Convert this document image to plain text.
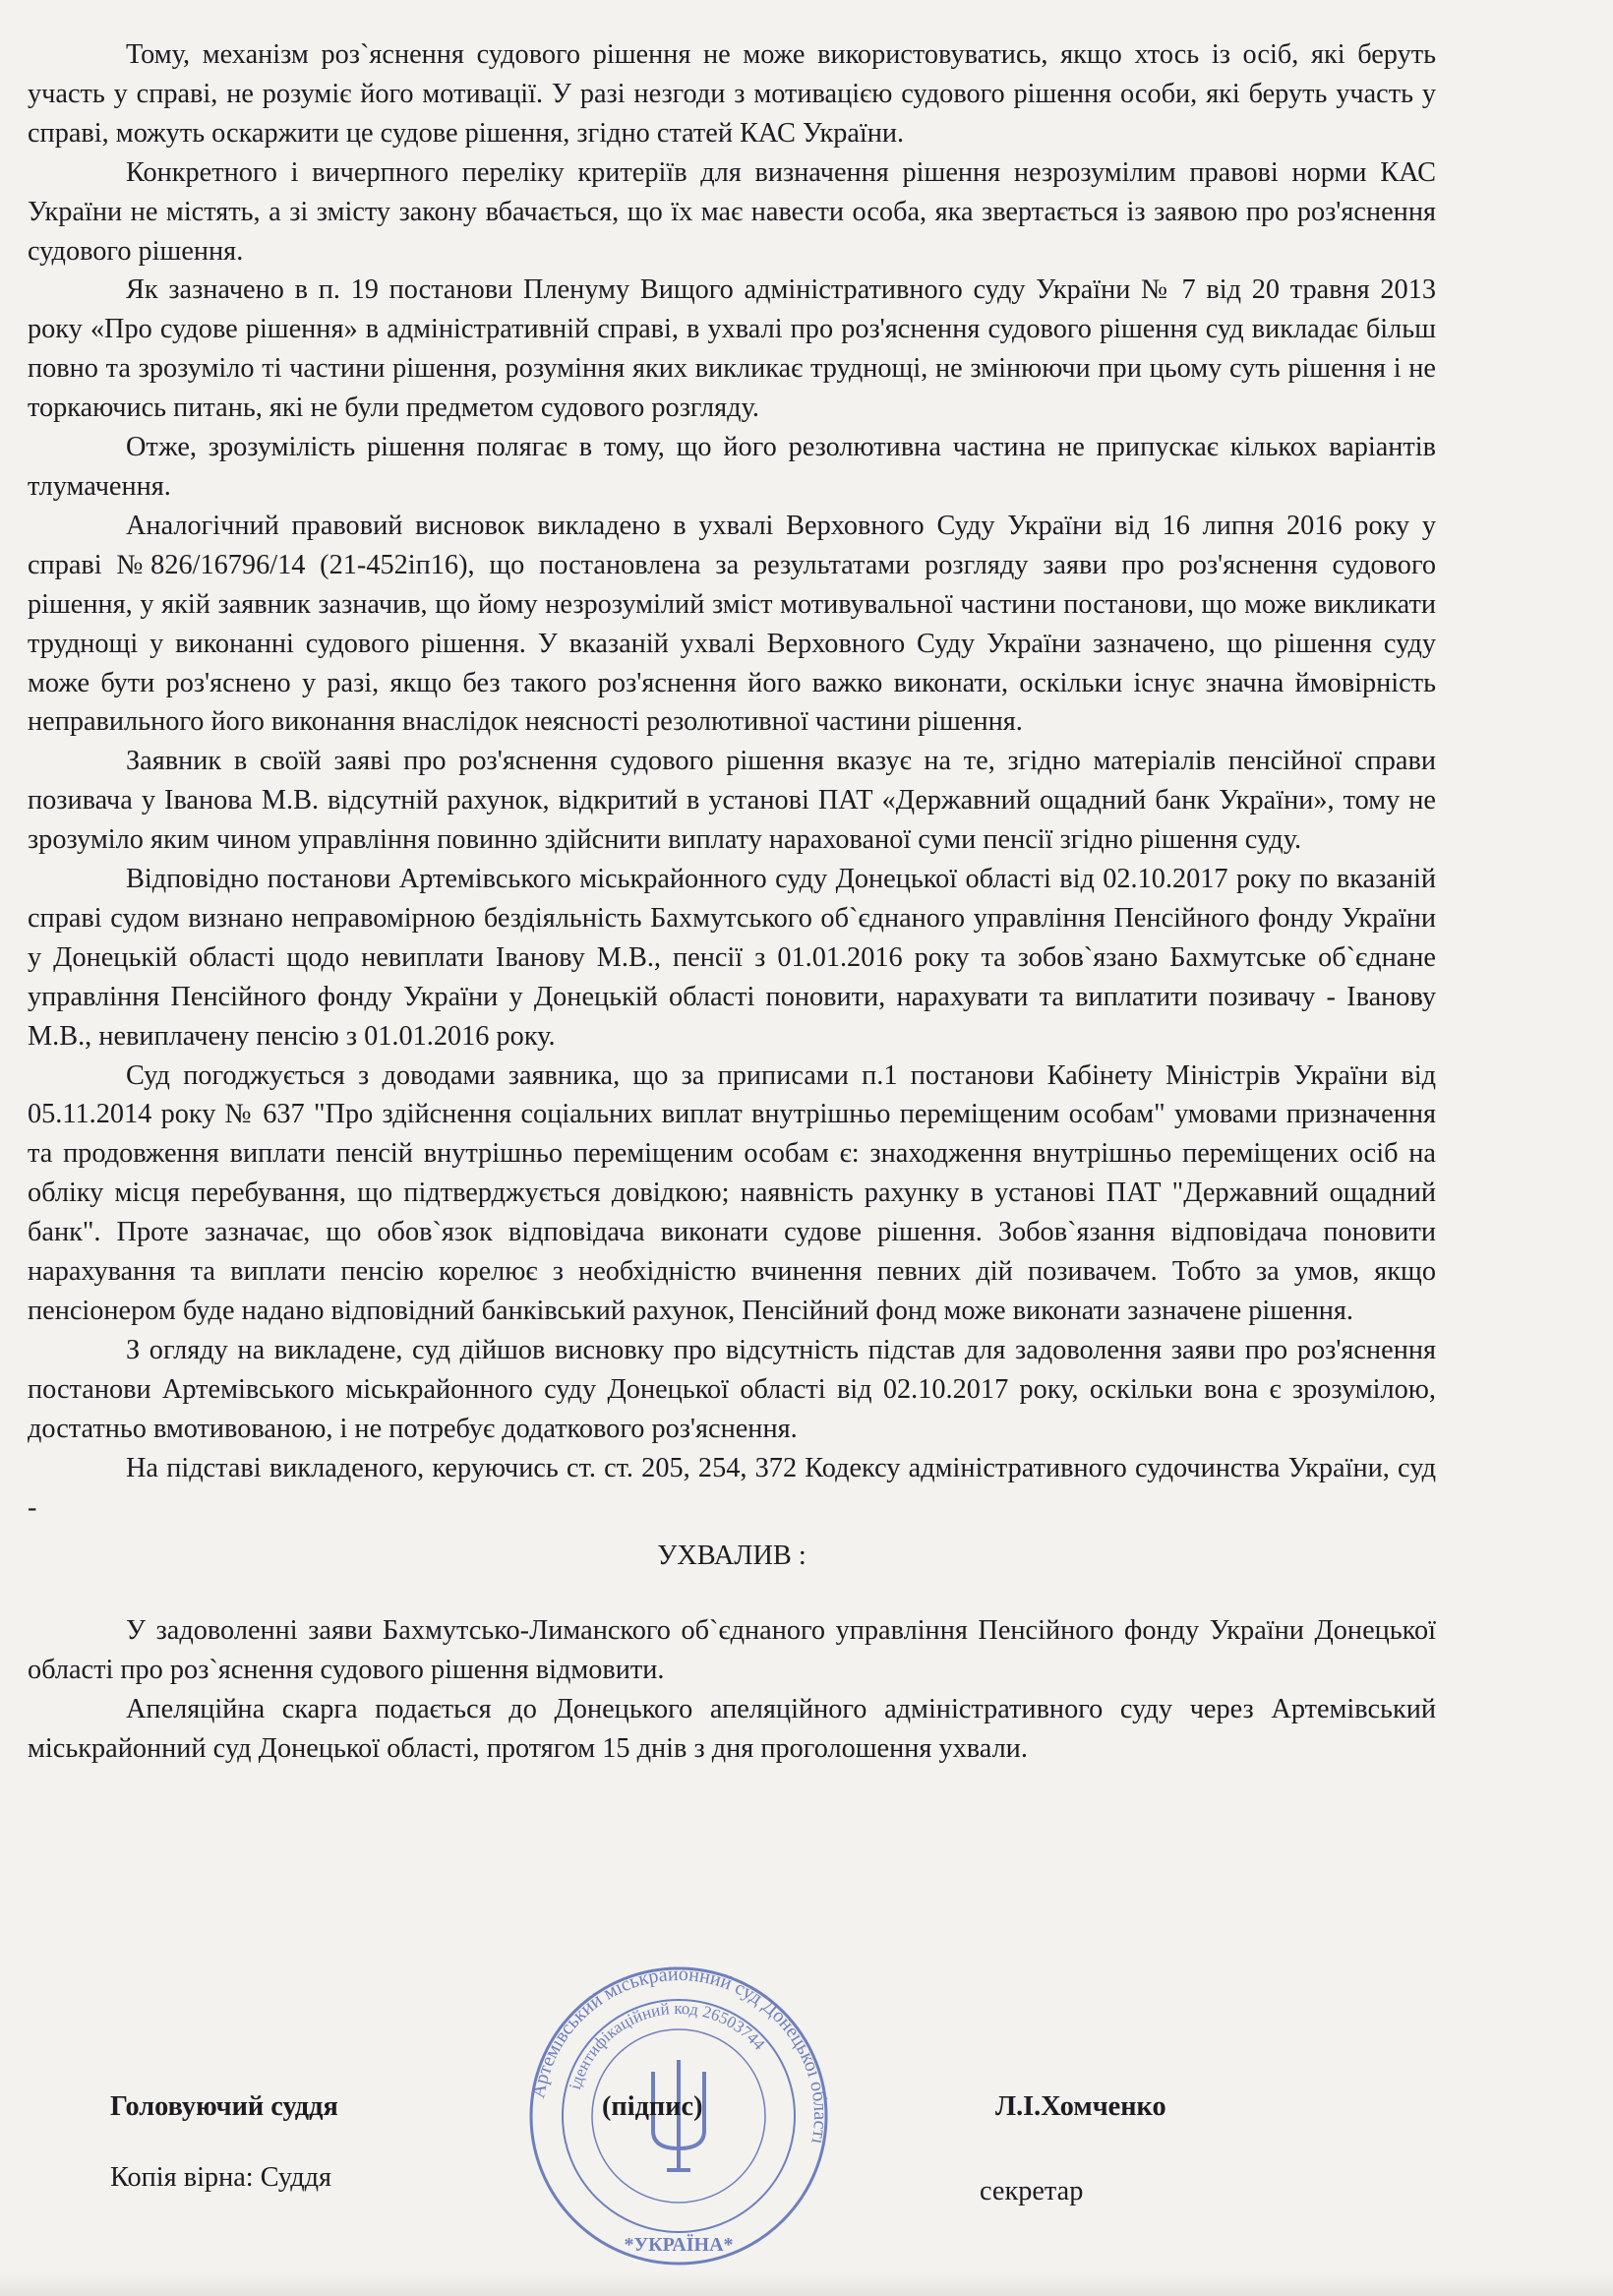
Тому, механізм роз`яснення судового рішення не може використовуватись, якщо хтось із осіб, які беруть участь у справі, не розуміє його мотивації. У разі незгоди з мотивацією судового рішення особи, які беруть участь у справі, можуть оскаржити це судове рішення, згідно статей КАС України.

Конкретного і вичерпного переліку критеріїв для визначення рішення незрозумілим правові норми КАС України не містять, а зі змісту закону вбачається, що їх має навести особа, яка звертається із заявою про роз'яснення судового рішення.

Як зазначено в п. 19 постанови Пленуму Вищого адміністративного суду України № 7 від 20 травня 2013 року «Про судове рішення» в адміністративній справі, в ухвалі про роз'яснення судового рішення суд викладає більш повно та зрозуміло ті частини рішення, розуміння яких викликає труднощі, не змінюючи при цьому суть рішення і не торкаючись питань, які не були предметом судового розгляду.

Отже, зрозумілість рішення полягає в тому, що його резолютивна частина не припускає кількох варіантів тлумачення.

Аналогічний правовий висновок викладено в ухвалі Верховного Суду України від 16 липня 2016 року у справі №826/16796/14 (21-452іп16), що постановлена за результатами розгляду заяви про роз'яснення судового рішення, у якій заявник зазначив, що йому незрозумілий зміст мотивувальної частини постанови, що може викликати труднощі у виконанні судового рішення. У вказаній ухвалі Верховного Суду України зазначено, що рішення суду може бути роз'яснено у разі, якщо без такого роз'яснення його важко виконати, оскільки існує значна ймовірність неправильного його виконання внаслідок неясності резолютивної частини рішення.

Заявник в своїй заяві про роз'яснення судового рішення вказує на те, згідно матеріалів пенсійної справи позивача у Іванова М.В. відсутній рахунок, відкритий в установі ПАТ «Державний ощадний банк України», тому не зрозуміло яким чином управління повинно здійснити виплату нарахованої суми пенсії згідно рішення суду.

Відповідно постанови Артемівського міськрайонного суду Донецької області від 02.10.2017 року по вказаній справі судом визнано неправомірною бездіяльність Бахмутського об`єднаного управління Пенсійного фонду України у Донецькій області щодо невиплати Іванову М.В., пенсії з 01.01.2016 року та зобов`язано Бахмутське об`єднане управління Пенсійного фонду України у Донецькій області поновити, нарахувати та виплатити позивачу - Іванову М.В., невиплачену пенсію з 01.01.2016 року.

Суд погоджується з доводами заявника, що за приписами п.1 постанови Кабінету Міністрів України від 05.11.2014 року № 637 "Про здійснення соціальних виплат внутрішньо переміщеним особам" умовами призначення та продовження виплати пенсій внутрішньо переміщеним особам є: знаходження внутрішньо переміщених осіб на обліку місця перебування, що підтверджується довідкою; наявність рахунку в установі ПАТ "Державний ощадний банк". Проте зазначає, що обов`язок відповідача виконати судове рішення. Зобов`язання відповідача поновити нарахування та виплати пенсію корелює з необхідністю вчинення певних дій позивачем. Тобто за умов, якщо пенсіонером буде надано відповідний банківський рахунок, Пенсійний фонд може виконати зазначене рішення.

З огляду на викладене, суд дійшов висновку про відсутність підстав для задоволення заяви про роз'яснення постанови Артемівського міськрайонного суду Донецької області від 02.10.2017 року, оскільки вона є зрозумілою, достатньо вмотивованою, і не потребує додаткового роз'яснення.

На підставі викладеного, керуючись ст. ст. 205, 254, 372 Кодексу адміністративного судочинства України, суд -

УХВАЛИВ :

У задоволенні заяви Бахмутсько-Лиманского об`єднаного управління Пенсійного фонду України Донецької області про роз`яснення судового рішення відмовити.

Апеляційна скарга подається до Донецького апеляційного адміністративного суду через Артемівський міськрайонний суд Донецької області, протягом 15 днів з дня проголошення ухвали.

Артемівський міськрайонний суд Донецької області
ідентифікаційний код 26503744
*УКРАЇНА*
Головуючий суддя	(підпис)	Л.І.Хомченко
Копія вірна: Суддя	секретар
